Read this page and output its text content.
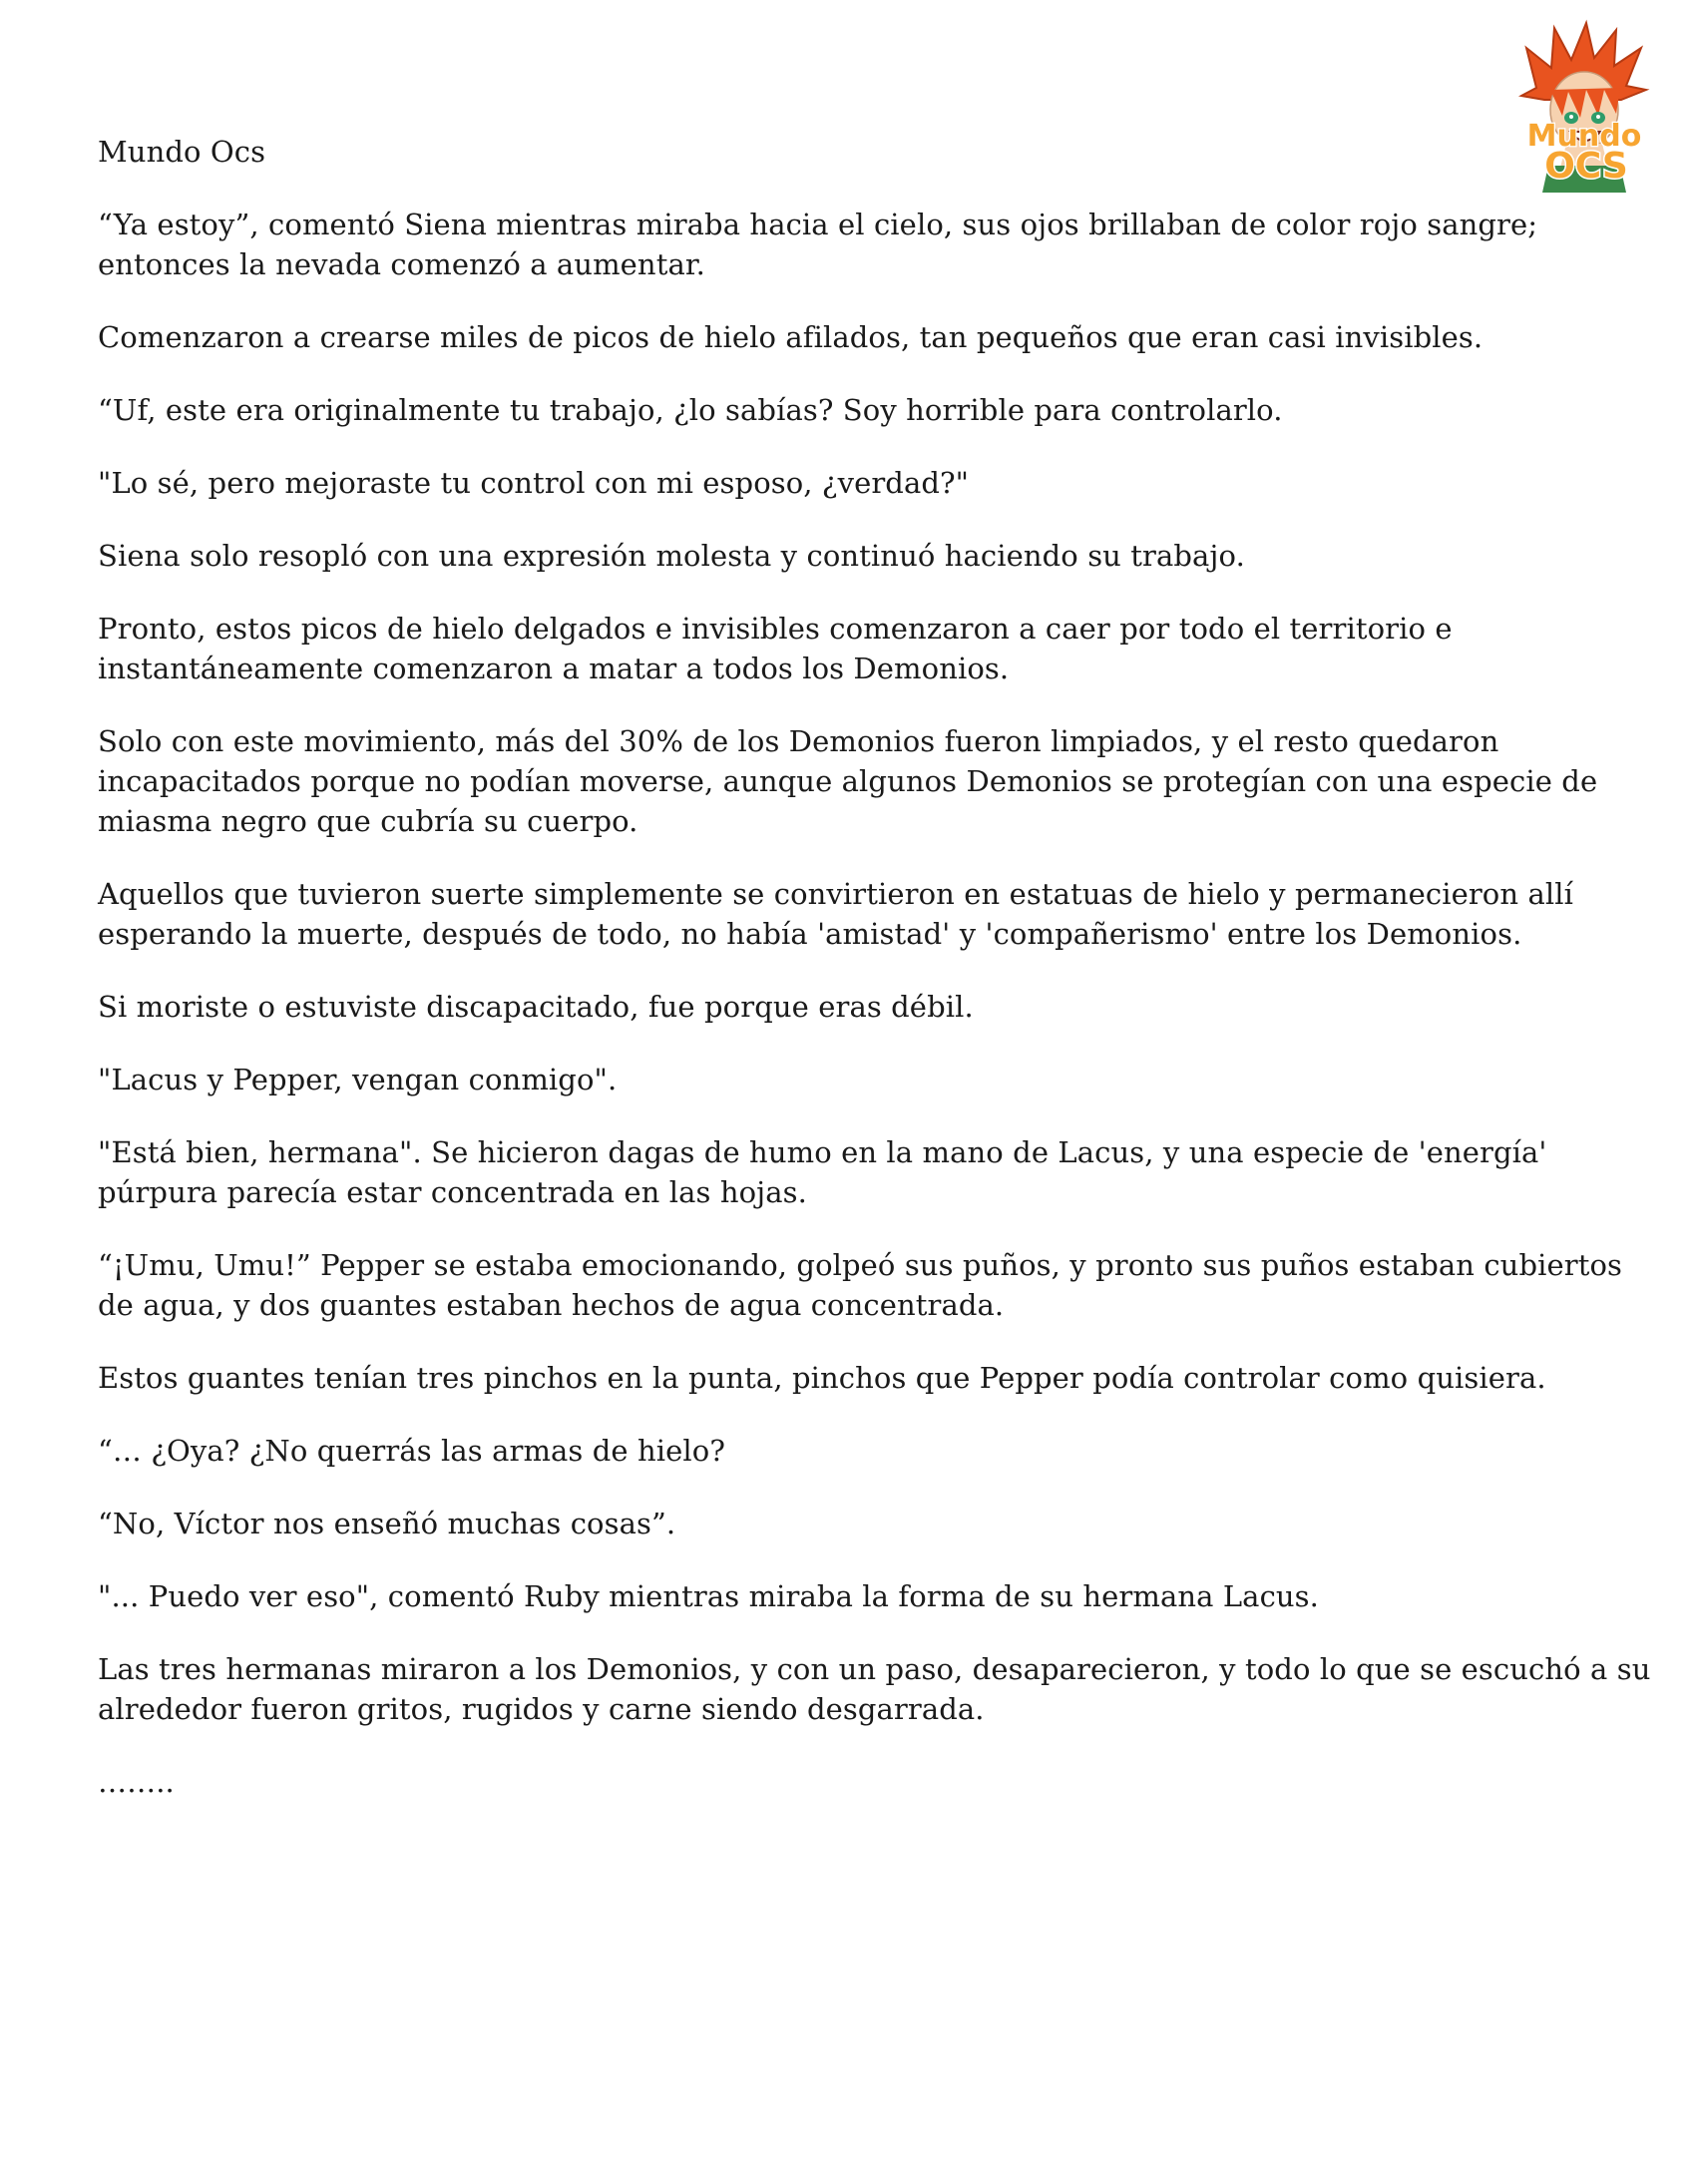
Mundo
OCS

Mundo Ocs

“Ya estoy”, comentó Siena mientras miraba hacia el cielo, sus ojos brillaban de color rojo sangre; entonces la nevada comenzó a aumentar.

Comenzaron a crearse miles de picos de hielo afilados, tan pequeños que eran casi invisibles.

“Uf, este era originalmente tu trabajo, ¿lo sabías? Soy horrible para controlarlo.

"Lo sé, pero mejoraste tu control con mi esposo, ¿verdad?"

Siena solo resopló con una expresión molesta y continuó haciendo su trabajo.

Pronto, estos picos de hielo delgados e invisibles comenzaron a caer por todo el territorio e instantáneamente comenzaron a matar a todos los Demonios.

Solo con este movimiento, más del 30% de los Demonios fueron limpiados, y el resto quedaron incapacitados porque no podían moverse, aunque algunos Demonios se protegían con una especie de miasma negro que cubría su cuerpo.

Aquellos que tuvieron suerte simplemente se convirtieron en estatuas de hielo y permanecieron allí esperando la muerte, después de todo, no había 'amistad' y 'compañerismo' entre los Demonios.

Si moriste o estuviste discapacitado, fue porque eras débil.

"Lacus y Pepper, vengan conmigo".

"Está bien, hermana". Se hicieron dagas de humo en la mano de Lacus, y una especie de 'energía' púrpura parecía estar concentrada en las hojas.

“¡Umu, Umu!” Pepper se estaba emocionando, golpeó sus puños, y pronto sus puños estaban cubiertos de agua, y dos guantes estaban hechos de agua concentrada.

Estos guantes tenían tres pinchos en la punta, pinchos que Pepper podía controlar como quisiera.

“… ¿Oya? ¿No querrás las armas de hielo?

“No, Víctor nos enseñó muchas cosas”.

"... Puedo ver eso", comentó Ruby mientras miraba la forma de su hermana Lacus.

Las tres hermanas miraron a los Demonios, y con un paso, desaparecieron, y todo lo que se escuchó a su alrededor fueron gritos, rugidos y carne siendo desgarrada.

……..
